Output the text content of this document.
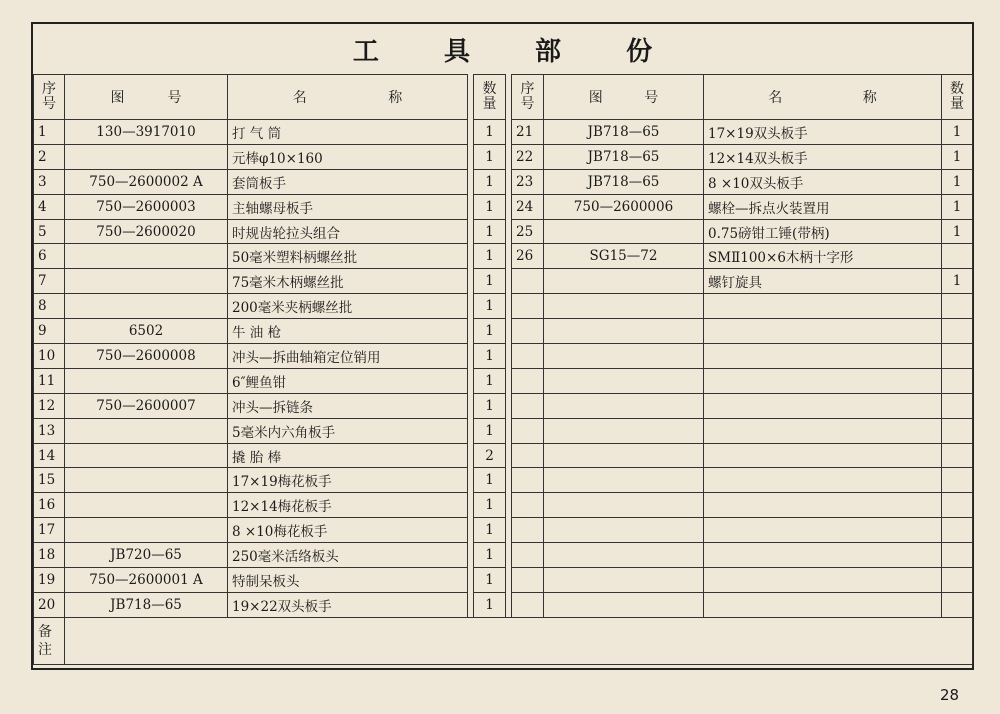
工 具 部 份
序
号	图 号	名 称		数
量		序
号	图 号	名 称	数
量
1	130—3917010	打 气 筒		1		21	JB718—65	17×19双头板手	1
2		元棒φ10×160		1		22	JB718—65	12×14双头板手	1
3	750—2600002 A	套筒板手		1		23	JB718—65	8 ×10双头板手	1
4	750—2600003	主轴螺母板手		1		24	750—2600006	螺栓—拆点火装置用	1
5	750—2600020	时规齿轮拉头组合		1		25		0.75磅钳工锤(带柄)	1
6		50毫米塑料柄螺丝批		1		26	SG15—72	SMⅡ100×6木柄十字形	
7		75毫米木柄螺丝批		1				螺钉旋具	1
8		200毫米夹柄螺丝批		1					
9	6502	牛 油 枪		1					
10	750—2600008	冲头—拆曲轴箱定位销用		1					
11		6″鲤鱼钳		1					
12	750—2600007	冲头—拆链条		1					
13		5毫米内六角板手		1					
14		撬 胎 棒		2					
15		17×19梅花板手		1					
16		12×14梅花板手		1					
17		8 ×10梅花板手		1					
18	JB720—65	250毫米活络板头		1					
19	750—2600001 A	特制呆板头		1					
20	JB718—65	19×22双头板手		1					
备
注									
28
